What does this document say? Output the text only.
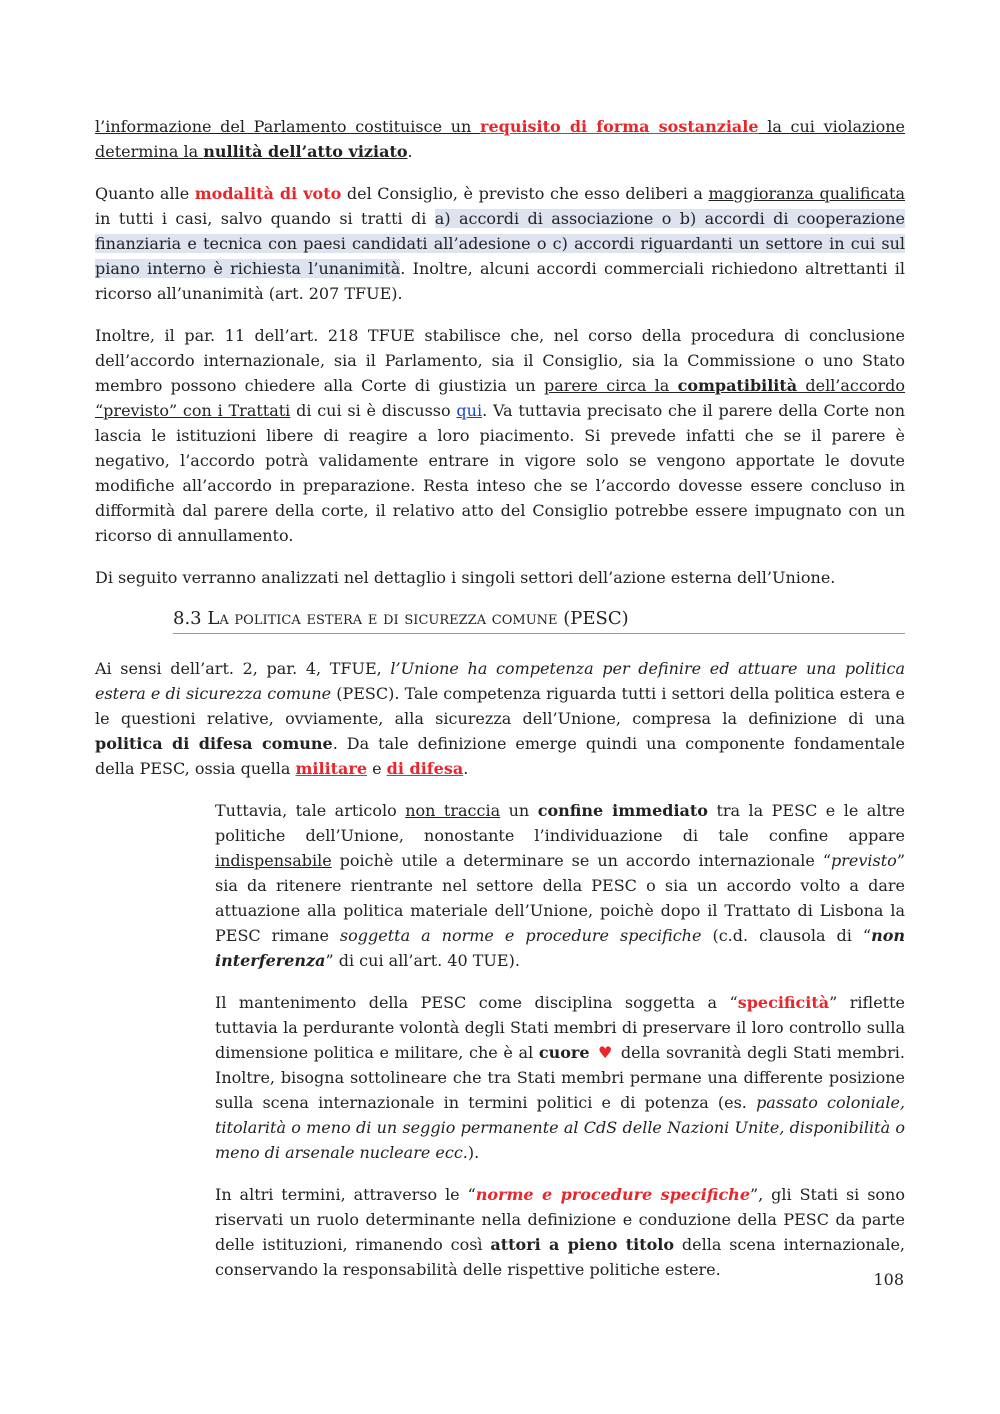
l’informazione del Parlamento costituisce un requisito di forma sostanziale la cui violazione determina la nullità dell’atto viziato.

Quanto alle modalità di voto del Consiglio, è previsto che esso deliberi a maggioranza qualificata in tutti i casi, salvo quando si tratti di a) accordi di associazione o b) accordi di cooperazione finanziaria e tecnica con paesi candidati all’adesione o c) accordi riguardanti un settore in cui sul piano interno è richiesta l’unanimità. Inoltre, alcuni accordi commerciali richiedono altrettanti il ricorso all’unanimità (art. 207 TFUE).

Inoltre, il par. 11 dell’art. 218 TFUE stabilisce che, nel corso della procedura di conclusione dell’accordo internazionale, sia il Parlamento, sia il Consiglio, sia la Commissione o uno Stato membro possono chiedere alla Corte di giustizia un parere circa la compatibilità dell’accordo “previsto” con i Trattati di cui si è discusso qui. Va tuttavia precisato che il parere della Corte non lascia le istituzioni libere di reagire a loro piacimento. Si prevede infatti che se il parere è negativo, l’accordo potrà validamente entrare in vigore solo se vengono apportate le dovute modifiche all’accordo in preparazione. Resta inteso che se l’accordo dovesse essere concluso in difformità dal parere della corte, il relativo atto del Consiglio potrebbe essere impugnato con un ricorso di annullamento.

Di seguito verranno analizzati nel dettaglio i singoli settori dell’azione esterna dell’Unione.

8.3 La politica estera e di sicurezza comune (PESC)

Ai sensi dell’art. 2, par. 4, TFUE, l’Unione ha competenza per definire ed attuare una politica estera e di sicurezza comune (PESC). Tale competenza riguarda tutti i settori della politica estera e le questioni relative, ovviamente, alla sicurezza dell’Unione, compresa la definizione di una politica di difesa comune. Da tale definizione emerge quindi una componente fondamentale della PESC, ossia quella militare e di difesa.

Tuttavia, tale articolo non traccia un confine immediato tra la PESC e le altre politiche dell’Unione, nonostante l’individuazione di tale confine appare indispensabile poichè utile a determinare se un accordo internazionale “previsto” sia da ritenere rientrante nel settore della PESC o sia un accordo volto a dare attuazione alla politica materiale dell’Unione, poichè dopo il Trattato di Lisbona la PESC rimane soggetta a norme e procedure specifiche (c.d. clausola di “non interferenza” di cui all’art. 40 TUE).

Il mantenimento della PESC come disciplina soggetta a “specificità” riflette tuttavia la perdurante volontà degli Stati membri di preservare il loro controllo sulla dimensione politica e militare, che è al cuore ♥ della sovranità degli Stati membri. Inoltre, bisogna sottolineare che tra Stati membri permane una differente posizione sulla scena internazionale in termini politici e di potenza (es. passato coloniale, titolarità o meno di un seggio permanente al CdS delle Nazioni Unite, disponibilità o meno di arsenale nucleare ecc.).

In altri termini, attraverso le “norme e procedure specifiche”, gli Stati si sono riservati un ruolo determinante nella definizione e conduzione della PESC da parte delle istituzioni, rimanendo così attori a pieno titolo della scena internazionale, conservando la responsabilità delle rispettive politiche estere.

108
